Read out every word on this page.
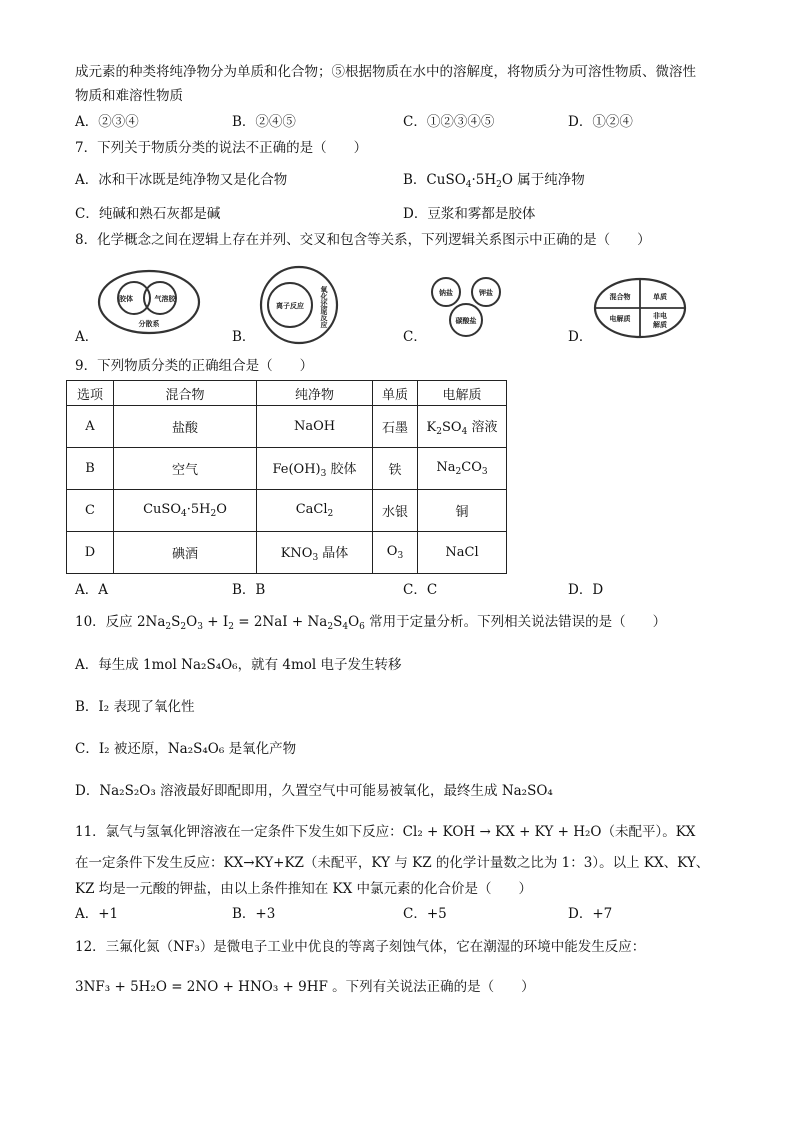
成元素的种类将纯净物分为单质和化合物；⑤根据物质在水中的溶解度，将物质分为可溶性物质、微溶性
物质和难溶性物质
A．②③④	B．②④⑤	C．①②③④⑤	D．①②④
7．下列关于物质分类的说法不正确的是（　　）
A．冰和干冰既是纯净物又是化合物	B．$CuSO_4\cdot 5H_2O$ 属于纯净物
C．纯碱和熟石灰都是碱	D．豆浆和雾都是胶体
8．化学概念之间在逻辑上存在并列、交叉和包含等关系，下列逻辑关系图示中正确的是（　　）
A．
胶体	气溶胶
分散系
B．
离子反应 氧化还原反应
C．
钠盐	钾盐
碳酸盐
D．
混合物	单质
电解质	非电
解质
9．下列物质分类的正确组合是（　　）
选项	混合物	纯净物	单质	电解质
A	盐酸	NaOH	石墨	$K_2SO_4$ 溶液
B	空气	$Fe(OH)_3$ 胶体	铁	$Na_2CO_3$
C	$CuSO_4\cdot 5H_2O$	CaCl$_2$	水银	铜
D	碘酒	$KNO_3$ 晶体	$O_3$	NaCl
A．A	B．B	C．C	D．D
10．反应 $2Na_2S_2O_3 + I_2 = 2NaI + Na_2S_4O_6$ 常用于定量分析。下列相关说法错误的是（　　）
A．每生成 1mol Na₂S₄O₆，就有 4mol 电子发生转移
B．I₂ 表现了氧化性
C．I₂ 被还原，Na₂S₄O₆ 是氧化产物
D．Na₂S₂O₃ 溶液最好即配即用，久置空气中可能易被氧化，最终生成 Na₂SO₄
11．氯气与氢氧化钾溶液在一定条件下发生如下反应：Cl₂ + KOH → KX + KY + H₂O（未配平）。KX
在一定条件下发生反应：KX→KY+KZ（未配平，KY 与 KZ 的化学计量数之比为 1：3）。以上 KX、KY、
KZ 均是一元酸的钾盐，由以上条件推知在 KX 中氯元素的化合价是（　　）
A．+1	B．+3	C．+5	D．+7
12．三氟化氮（NF₃）是微电子工业中优良的等离子刻蚀气体，它在潮湿的环境中能发生反应：
3NF₃ + 5H₂O = 2NO + HNO₃ + 9HF 。下列有关说法正确的是（　　）
